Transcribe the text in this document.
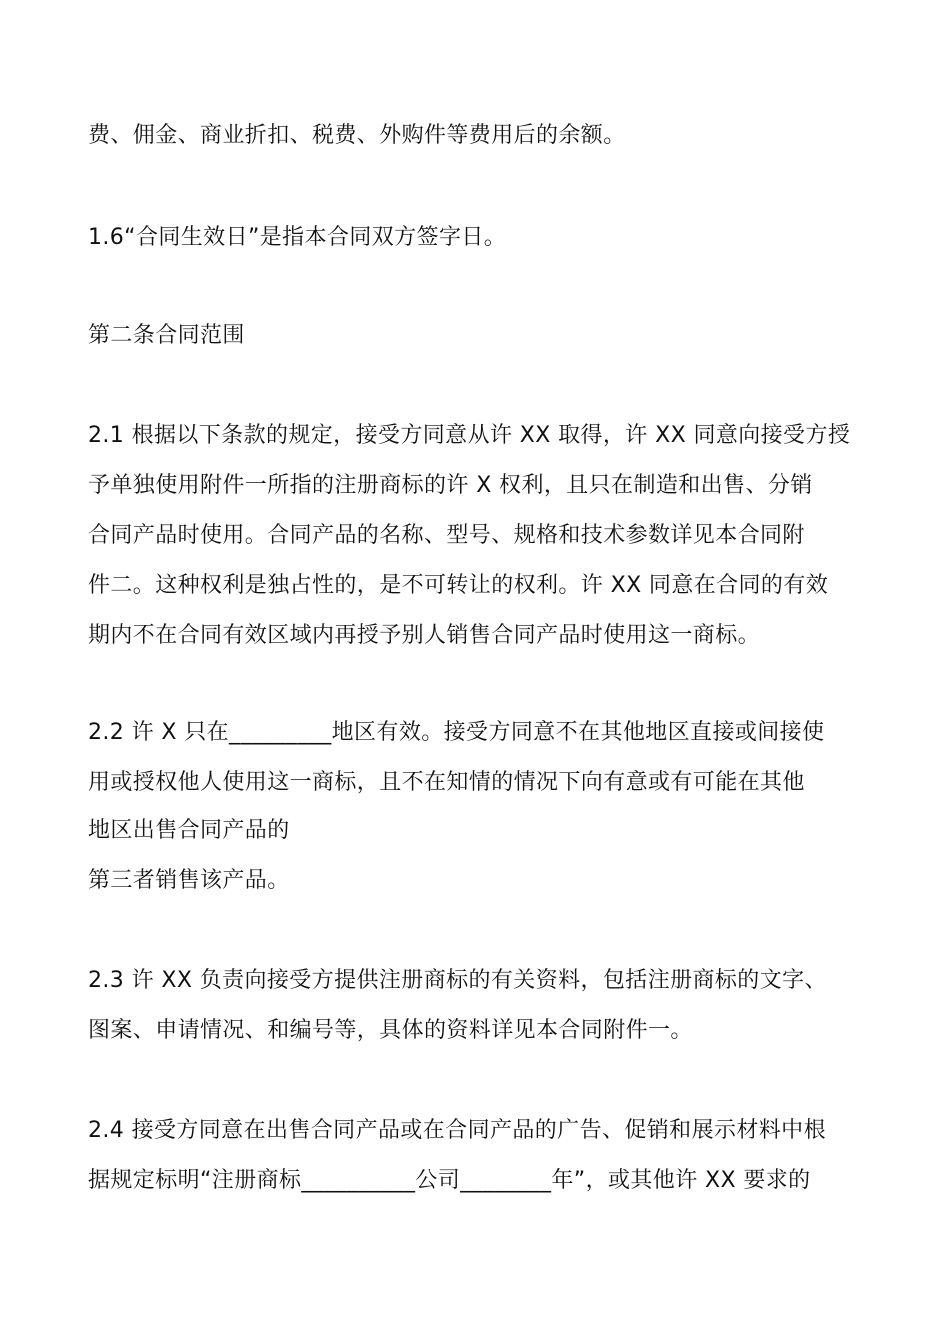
费、佣金、商业折扣、税费、外购件等费用后的余额。
1.6“合同生效日”是指本合同双方签字日。
第二条合同范围
2.1 根据以下条款的规定，接受方同意从许 XX 取得，许 XX 同意向接受方授
予单独使用附件一所指的注册商标的许 X 权利，且只在制造和出售、分销
合同产品时使用。合同产品的名称、型号、规格和技术参数详见本合同附
件二。这种权利是独占性的，是不可转让的权利。许 XX 同意在合同的有效
期内不在合同有效区域内再授予别人销售合同产品时使用这一商标。
2.2 许 X 只在_________地区有效。接受方同意不在其他地区直接或间接使
用或授权他人使用这一商标，且不在知情的情况下向有意或有可能在其他
地区出售合同产品的
第三者销售该产品。
2.3 许 XX 负责向接受方提供注册商标的有关资料，包括注册商标的文字、
图案、申请情况、和编号等，具体的资料详见本合同附件一。
2.4 接受方同意在出售合同产品或在合同产品的广告、促销和展示材料中根
据规定标明“注册商标__________公司________年”，或其他许 XX 要求的
